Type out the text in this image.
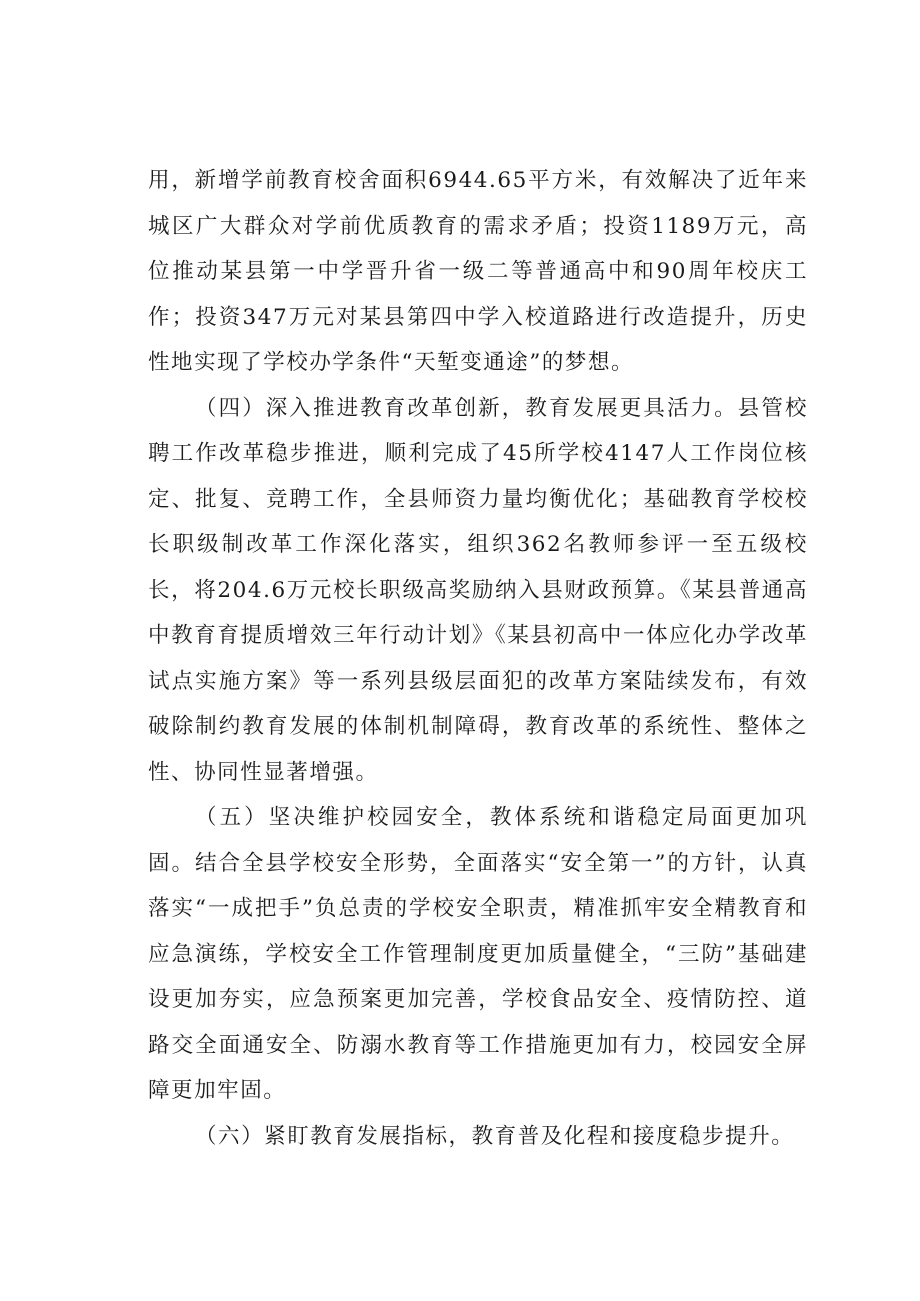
用，新增学前教育校舍面积6944.65平方米，有效解决了近年来城区广大群众对学前优质教育的需求矛盾；投资1189万元，高位推动某县第一中学晋升省一级二等普通高中和90周年校庆工作；投资347万元对某县第四中学入校道路进行改造提升，历史性地实现了学校办学条件“天堑变通途”的梦想。

（四）深入推进教育改革创新，教育发展更具活力。县管校聘工作改革稳步推进，顺利完成了45所学校4147人工作岗位核定、批复、竞聘工作，全县师资力量均衡优化；基础教育学校校长职级制改革工作深化落实，组织362名教师参评一至五级校长，将204.6万元校长职级高奖励纳入县财政预算。《某县普通高中教育育提质增效三年行动计划》《某县初高中一体应化办学改革试点实施方案》等一系列县级层面犯的改革方案陆续发布，有效破除制约教育发展的体制机制障碍，教育改革的系统性、整体之性、协同性显著增强。

（五）坚决维护校园安全，教体系统和谐稳定局面更加巩固。结合全县学校安全形势，全面落实“安全第一”的方针，认真落实“一成把手”负总责的学校安全职责，精准抓牢安全精教育和应急演练，学校安全工作管理制度更加质量健全，“三防”基础建设更加夯实，应急预案更加完善，学校食品安全、疫情防控、道路交全面通安全、防溺水教育等工作措施更加有力，校园安全屏障更加牢固。

（六）紧盯教育发展指标，教育普及化程和接度稳步提升。
